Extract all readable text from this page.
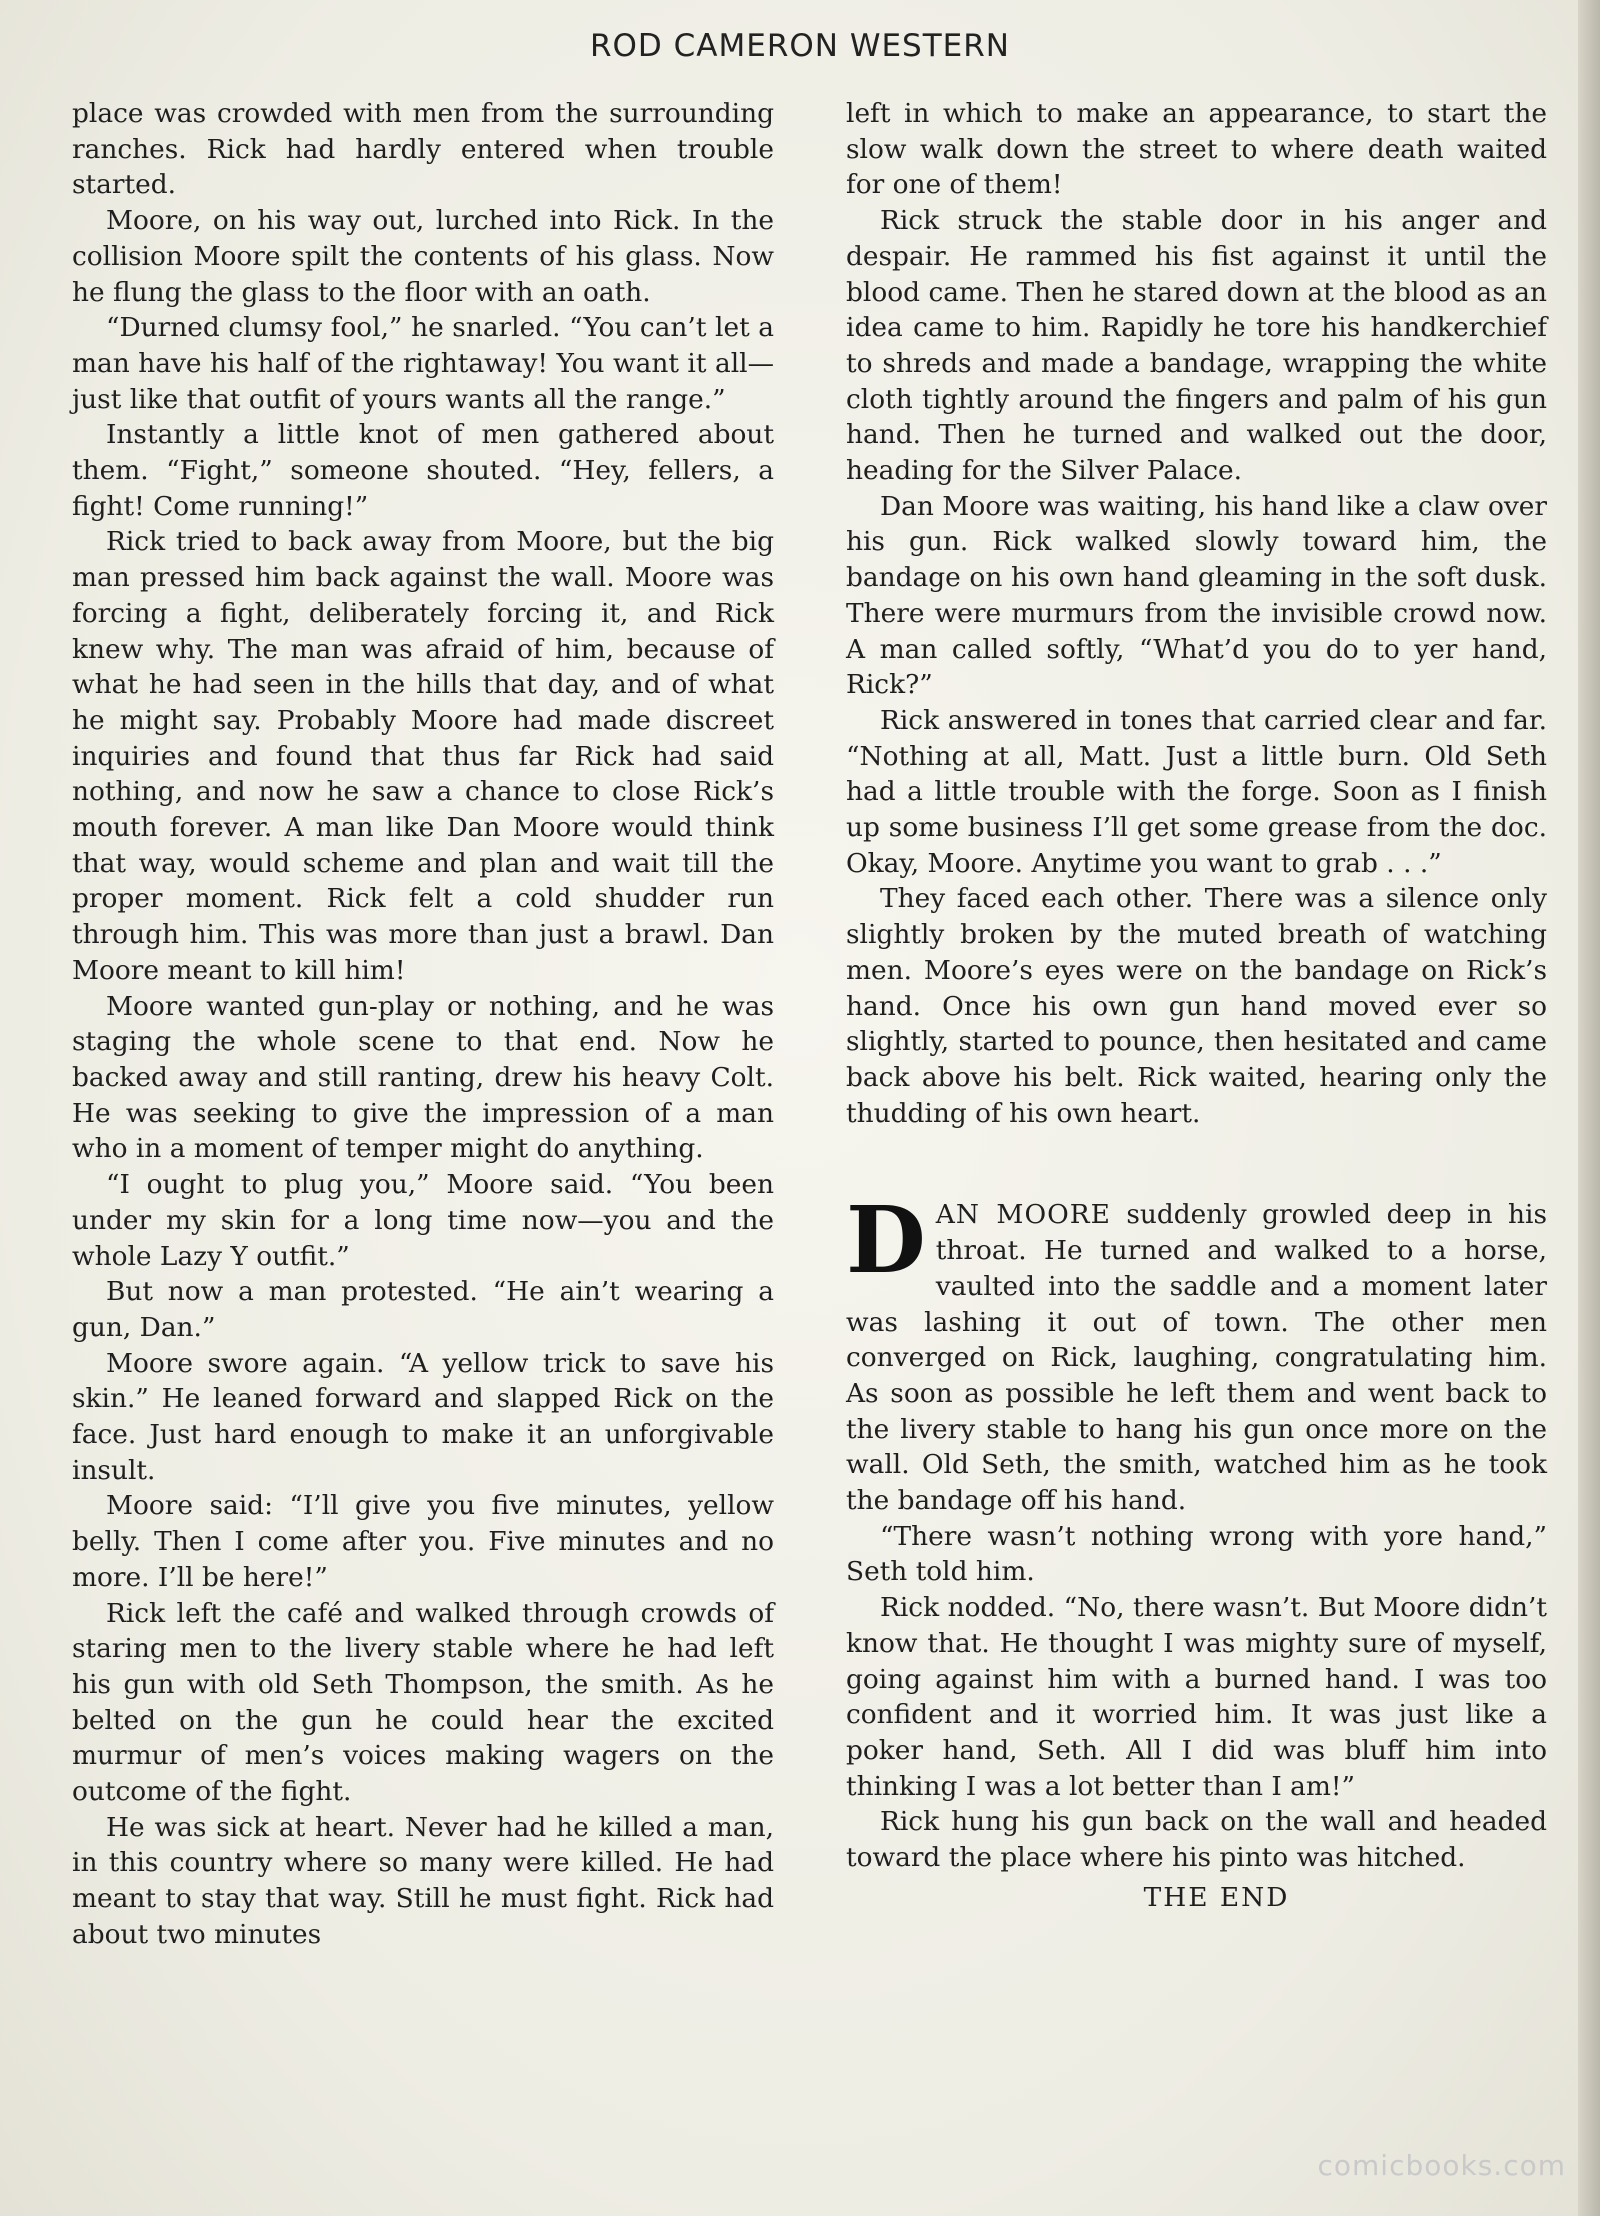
ROD CAMERON WESTERN

place was crowded with men from the surrounding ranches. Rick had hardly entered when trouble started.

Moore, on his way out, lurched into Rick. In the collision Moore spilt the contents of his glass. Now he flung the glass to the floor with an oath.

“Durned clumsy fool,” he snarled. “You can’t let a man have his half of the rightaway! You want it all—just like that outfit of yours wants all the range.”

Instantly a little knot of men gathered about them. “Fight,” someone shouted. “Hey, fellers, a fight! Come running!”

Rick tried to back away from Moore, but the big man pressed him back against the wall. Moore was forcing a fight, deliberately forcing it, and Rick knew why. The man was afraid of him, because of what he had seen in the hills that day, and of what he might say. Probably Moore had made discreet inquiries and found that thus far Rick had said nothing, and now he saw a chance to close Rick’s mouth forever. A man like Dan Moore would think that way, would scheme and plan and wait till the proper moment. Rick felt a cold shudder run through him. This was more than just a brawl. Dan Moore meant to kill him!

Moore wanted gun-play or nothing, and he was staging the whole scene to that end. Now he backed away and still ranting, drew his heavy Colt. He was seeking to give the impression of a man who in a moment of temper might do anything.

“I ought to plug you,” Moore said. “You been under my skin for a long time now—you and the whole Lazy Y outfit.”

But now a man protested. “He ain’t wearing a gun, Dan.”

Moore swore again. “A yellow trick to save his skin.” He leaned forward and slapped Rick on the face. Just hard enough to make it an unforgivable insult.

Moore said: “I’ll give you five minutes, yellow belly. Then I come after you. Five minutes and no more. I’ll be here!”

Rick left the café and walked through crowds of staring men to the livery stable where he had left his gun with old Seth Thompson, the smith. As he belted on the gun he could hear the excited murmur of men’s voices making wagers on the outcome of the fight.

He was sick at heart. Never had he killed a man, in this country where so many were killed. He had meant to stay that way. Still he must fight. Rick had about two minutes

left in which to make an appearance, to start the slow walk down the street to where death waited for one of them!

Rick struck the stable door in his anger and despair. He rammed his fist against it until the blood came. Then he stared down at the blood as an idea came to him. Rapidly he tore his handkerchief to shreds and made a bandage, wrapping the white cloth tightly around the fingers and palm of his gun hand. Then he turned and walked out the door, heading for the Silver Palace.

Dan Moore was waiting, his hand like a claw over his gun. Rick walked slowly toward him, the bandage on his own hand gleaming in the soft dusk. There were murmurs from the invisible crowd now. A man called softly, “What’d you do to yer hand, Rick?”

Rick answered in tones that carried clear and far. “Nothing at all, Matt. Just a little burn. Old Seth had a little trouble with the forge. Soon as I finish up some business I’ll get some grease from the doc. Okay, Moore. Anytime you want to grab . . .”

They faced each other. There was a silence only slightly broken by the muted breath of watching men. Moore’s eyes were on the bandage on Rick’s hand. Once his own gun hand moved ever so slightly, started to pounce, then hesitated and came back above his belt. Rick waited, hearing only the thudding of his own heart.

DAN MOORE suddenly growled deep in his throat. He turned and walked to a horse, vaulted into the saddle and a moment later was lashing it out of town. The other men converged on Rick, laughing, congratulating him. As soon as possible he left them and went back to the livery stable to hang his gun once more on the wall. Old Seth, the smith, watched him as he took the bandage off his hand.

“There wasn’t nothing wrong with yore hand,” Seth told him.

Rick nodded. “No, there wasn’t. But Moore didn’t know that. He thought I was mighty sure of myself, going against him with a burned hand. I was too confident and it worried him. It was just like a poker hand, Seth. All I did was bluff him into thinking I was a lot better than I am!”

Rick hung his gun back on the wall and headed toward the place where his pinto was hitched.

THE END
comicbooks.com
